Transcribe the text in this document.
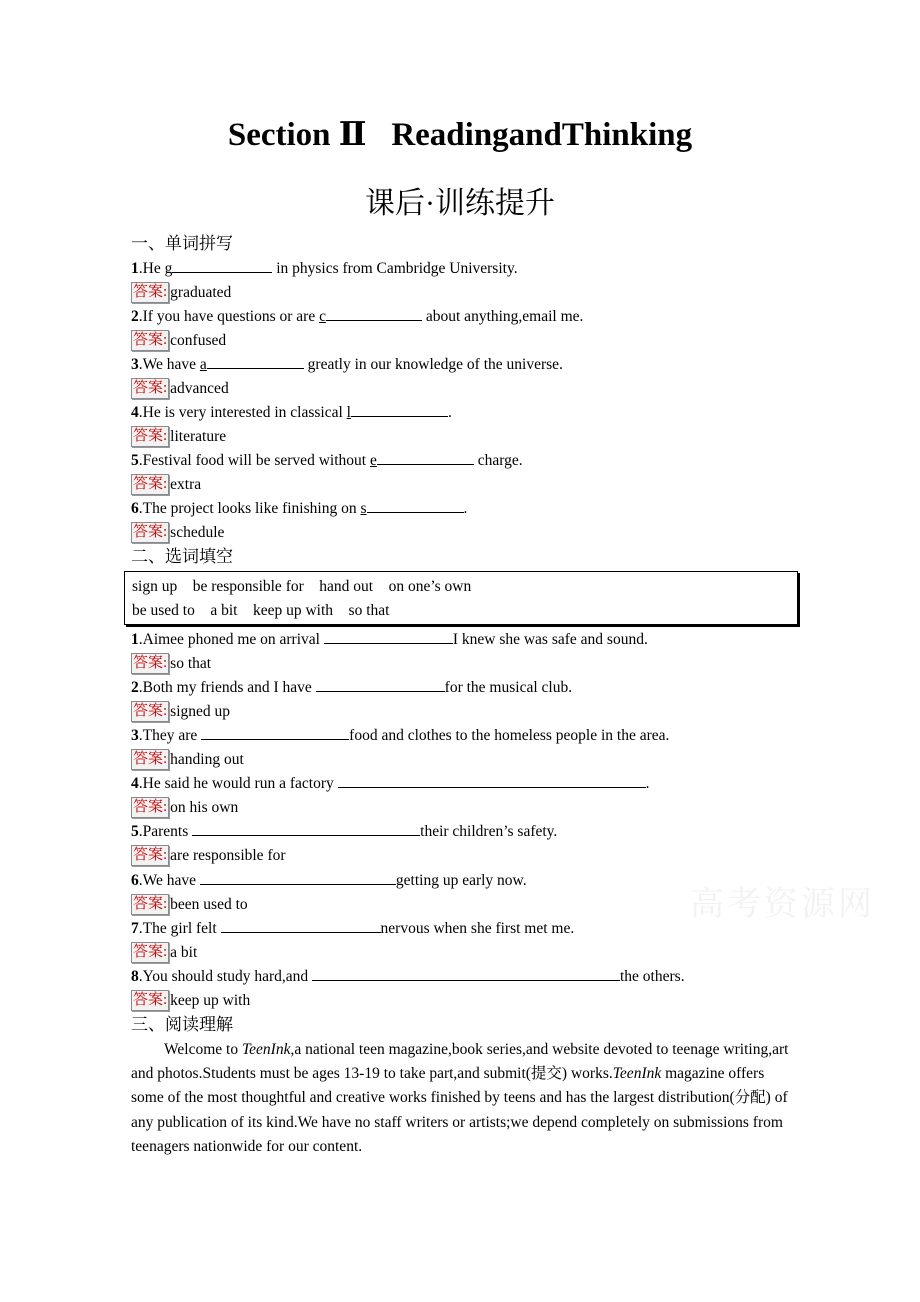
Section Ⅱ   ReadingandThinking
课后·训练提升
一、单词拼写
1.He g	in physics from Cambridge University.
答案: graduated
2.If you have questions or are c	about anything,email me.
答案: confused
3.We have a	greatly in our knowledge of the universe.
答案: advanced
4.He is very interested in classical l	.
答案: literature
5.Festival food will be served without e	charge.
答案: extra
6.The project looks like finishing on s	.
答案: schedule
二、选词填空
sign up    be responsible for    hand out    on one’s own
be used to    a bit    keep up with    so that
1.Aimee phoned me on arrival	I knew she was safe and sound.
答案: so that
2.Both my friends and I have	for the musical club.
答案: signed up
3.They are	food and clothes to the homeless people in the area.
答案: handing out
4.He said he would run a factory	.
答案: on his own
5.Parents	their children’s safety.
答案: are responsible for
6.We have	getting up early now.
答案: been used to
7.The girl felt	nervous when she first met me.
答案: a bit
8.You should study hard,and	the others.
答案: keep up with
三、阅读理解
Welcome to TeenInk,a national teen magazine,book series,and website devoted to teenage writing,art and photos.Students must be ages 13-19 to take part,and submit(提交) works.TeenInk magazine offers some of the most thoughtful and creative works finished by teens and has the largest distribution(分配) of any publication of its kind.We have no staff writers or artists;we depend completely on submissions from teenagers nationwide for our content.
高考资源网
